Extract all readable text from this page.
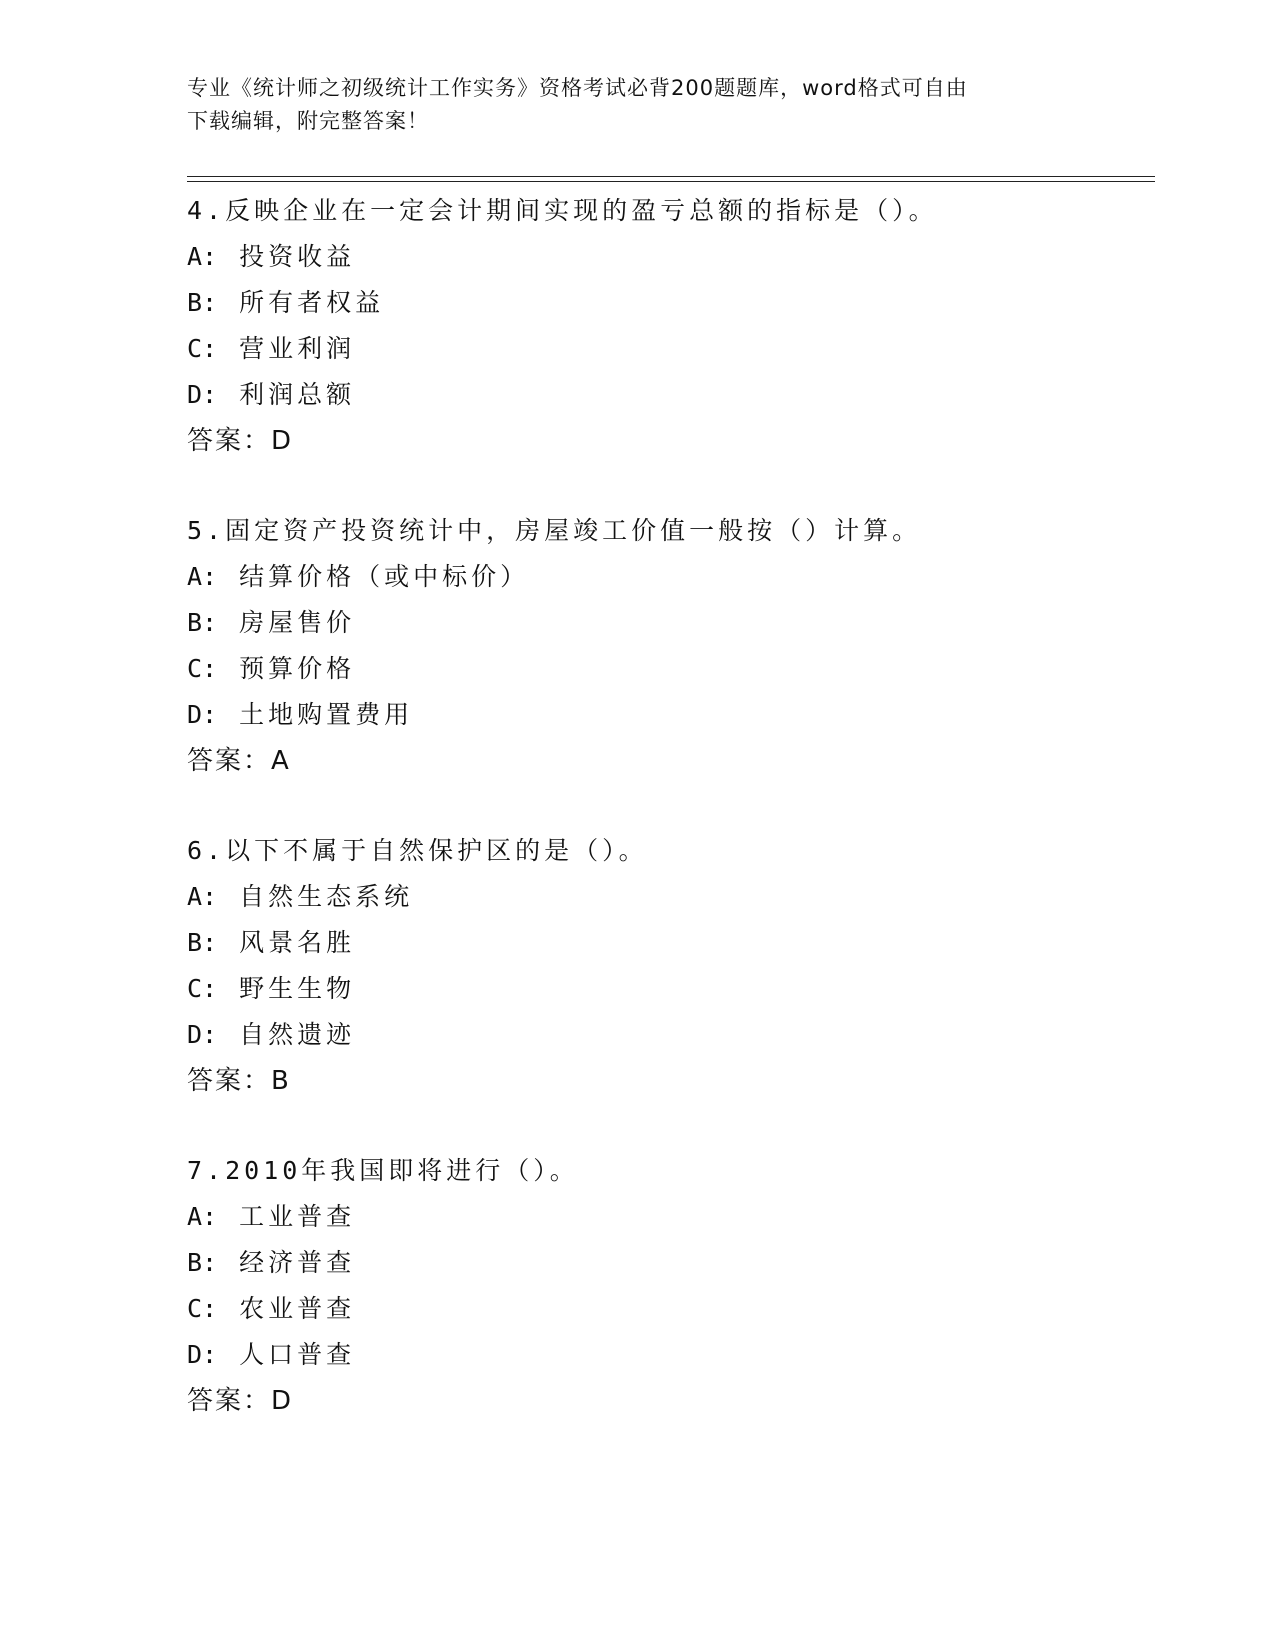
专业《统计师之初级统计工作实务》资格考试必背200题题库，word格式可自由

下载编辑，附完整答案！

4.反映企业在一定会计期间实现的盈亏总额的指标是（）。
A: 投资收益
B: 所有者权益
C: 营业利润
D: 利润总额
答案：D
5.固定资产投资统计中，房屋竣工价值一般按（）计算。
A: 结算价格（或中标价）
B: 房屋售价
C: 预算价格
D: 土地购置费用
答案：A
6.以下不属于自然保护区的是（）。
A: 自然生态系统
B: 风景名胜
C: 野生生物
D: 自然遗迹
答案：B
7.2010年我国即将进行（）。
A: 工业普查
B: 经济普查
C: 农业普查
D: 人口普查
答案：D
